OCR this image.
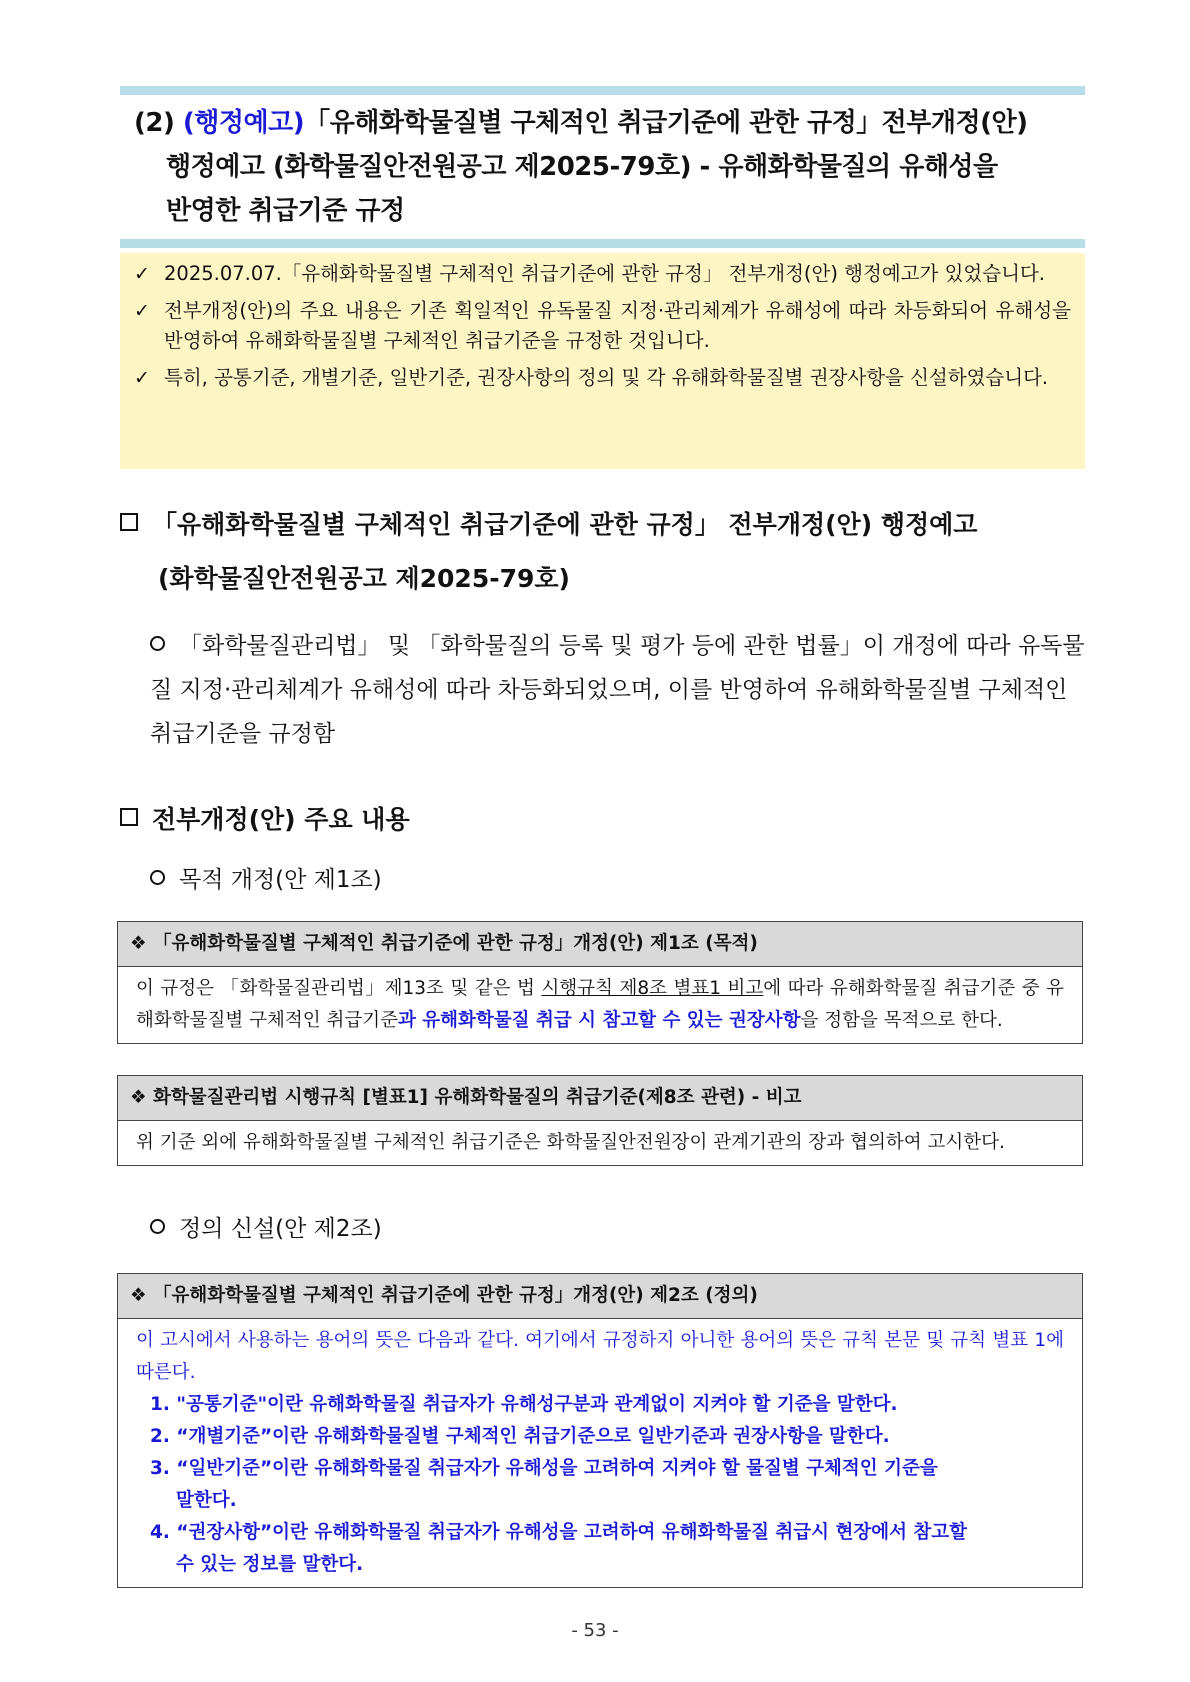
(2) (행정예고)「유해화학물질별 구체적인 취급기준에 관한 규정」전부개정(안)
행정예고 (화학물질안전원공고 제2025-79호) - 유해화학물질의 유해성을
반영한 취급기준 규정
✓ 2025.07.07.「유해화학물질별 구체적인 취급기준에 관한 규정」 전부개정(안) 행정예고가 있었습니다.
✓ 전부개정(안)의 주요 내용은 기존 획일적인 유독물질 지정·관리체계가 유해성에 따라 차등화되어 유해성을 반영하여 유해화학물질별 구체적인 취급기준을 규정한 것입니다.
✓ 특히, 공통기준, 개별기준, 일반기준, 권장사항의 정의 및 각 유해화학물질별 권장사항을 신설하였습니다.
「유해화학물질별 구체적인 취급기준에 관한 규정」 전부개정(안) 행정예고
(화학물질안전원공고 제2025-79호)
「화학물질관리법」 및 「화학물질의 등록 및 평가 등에 관한 법률」이 개정에 따라 유독물질 지정·관리체계가 유해성에 따라 차등화되었으며, 이를 반영하여 유해화학물질별 구체적인 취급기준을 규정함
전부개정(안) 주요 내용
목적 개정(안 제1조)
❖ 「유해화학물질별 구체적인 취급기준에 관한 규정」개정(안) 제1조 (목적)
이 규정은 「화학물질관리법」제13조 및 같은 법 시행규칙 제8조 별표1 비고에 따라 유해화학물질 취급기준 중 유해화학물질별 구체적인 취급기준과 유해화학물질 취급 시 참고할 수 있는 권장사항을 정함을 목적으로 한다.
❖ 화학물질관리법 시행규칙 [별표1] 유해화학물질의 취급기준(제8조 관련) - 비고
위 기준 외에 유해화학물질별 구체적인 취급기준은 화학물질안전원장이 관계기관의 장과 협의하여 고시한다.
정의 신설(안 제2조)
❖ 「유해화학물질별 구체적인 취급기준에 관한 규정」개정(안) 제2조 (정의)
이 고시에서 사용하는 용어의 뜻은 다음과 같다. 여기에서 규정하지 아니한 용어의 뜻은 규칙 본문 및 규칙 별표 1에 따른다.
1. "공통기준"이란 유해화학물질 취급자가 유해성구분과 관계없이 지켜야 할 기준을 말한다.
2. “개별기준”이란 유해화학물질별 구체적인 취급기준으로 일반기준과 권장사항을 말한다.
3. “일반기준”이란 유해화학물질 취급자가 유해성을 고려하여 지켜야 할 물질별 구체적인 기준을
말한다.
4. “권장사항”이란 유해화학물질 취급자가 유해성을 고려하여 유해화학물질 취급시 현장에서 참고할
수 있는 정보를 말한다.
- 53 -
